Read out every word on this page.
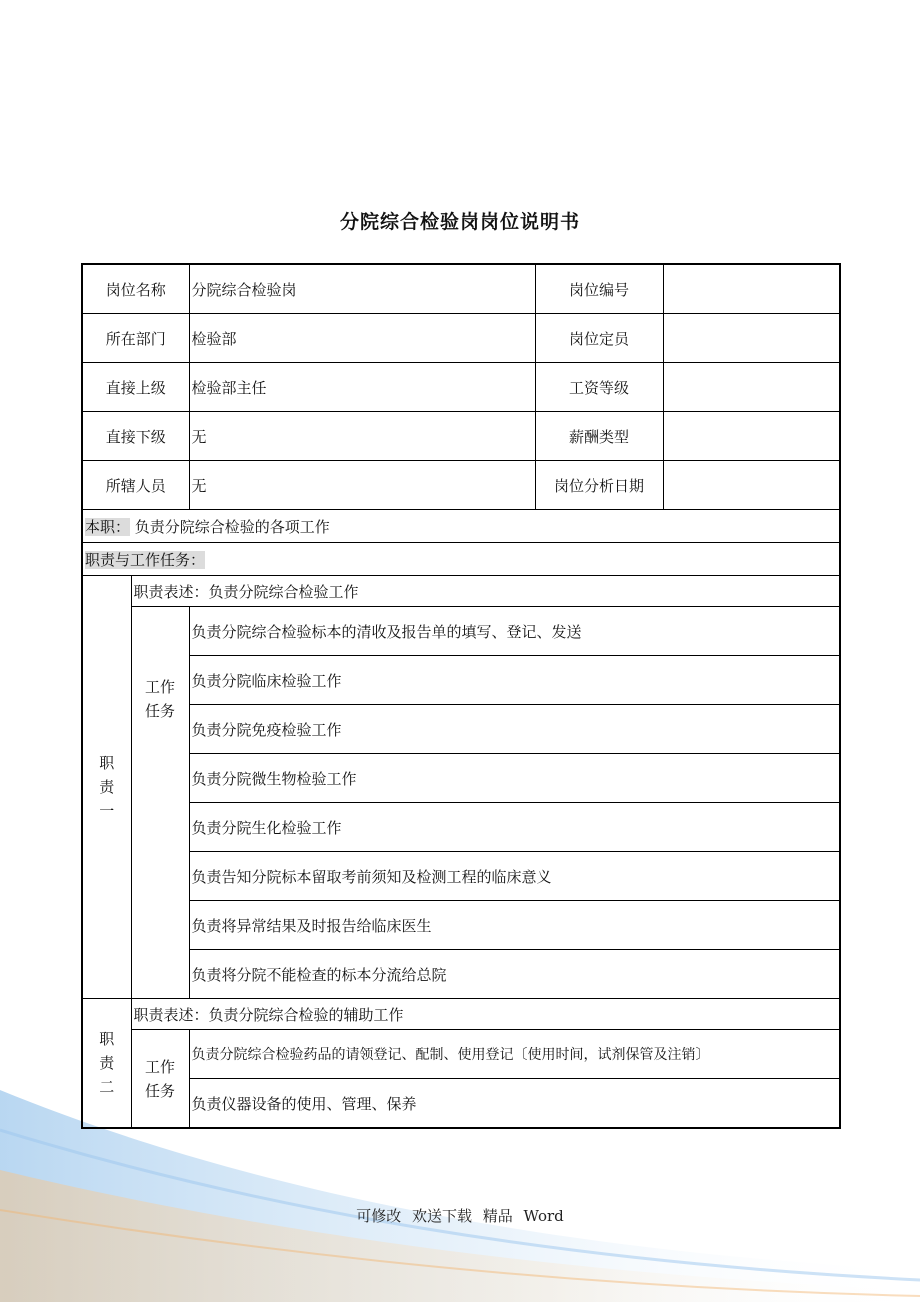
分院综合检验岗岗位说明书
岗位名称		分院综合检验岗	岗位编号	
所在部门		检验部	岗位定员	
直接上级		检验部主任	工资等级	
直接下级		无	薪酬类型	
所辖人员		无	岗位分析日期	
本职： 负责分院综合检验的各项工作				
职责与工作任务：				
职
责
一	职责表述：负责分院综合检验工作			
	工作
任务	负责分院综合检验标本的清收及报告单的填写、登记、发送		
		负责分院临床检验工作		
		负责分院免疫检验工作		
		负责分院微生物检验工作		
		负责分院生化检验工作		
		负责告知分院标本留取考前须知及检测工程的临床意义		
		负责将异常结果及时报告给临床医生		
		负责将分院不能检查的标本分流给总院		
职
责
二	职责表述：负责分院综合检验的辅助工作			
	工作
任务	负责分院综合检验药品的请领登记、配制、使用登记〔使用时间，试剂保管及注销〕		
		负责仪器设备的使用、管理、保养		
可修改 欢送下载 精品 Word
